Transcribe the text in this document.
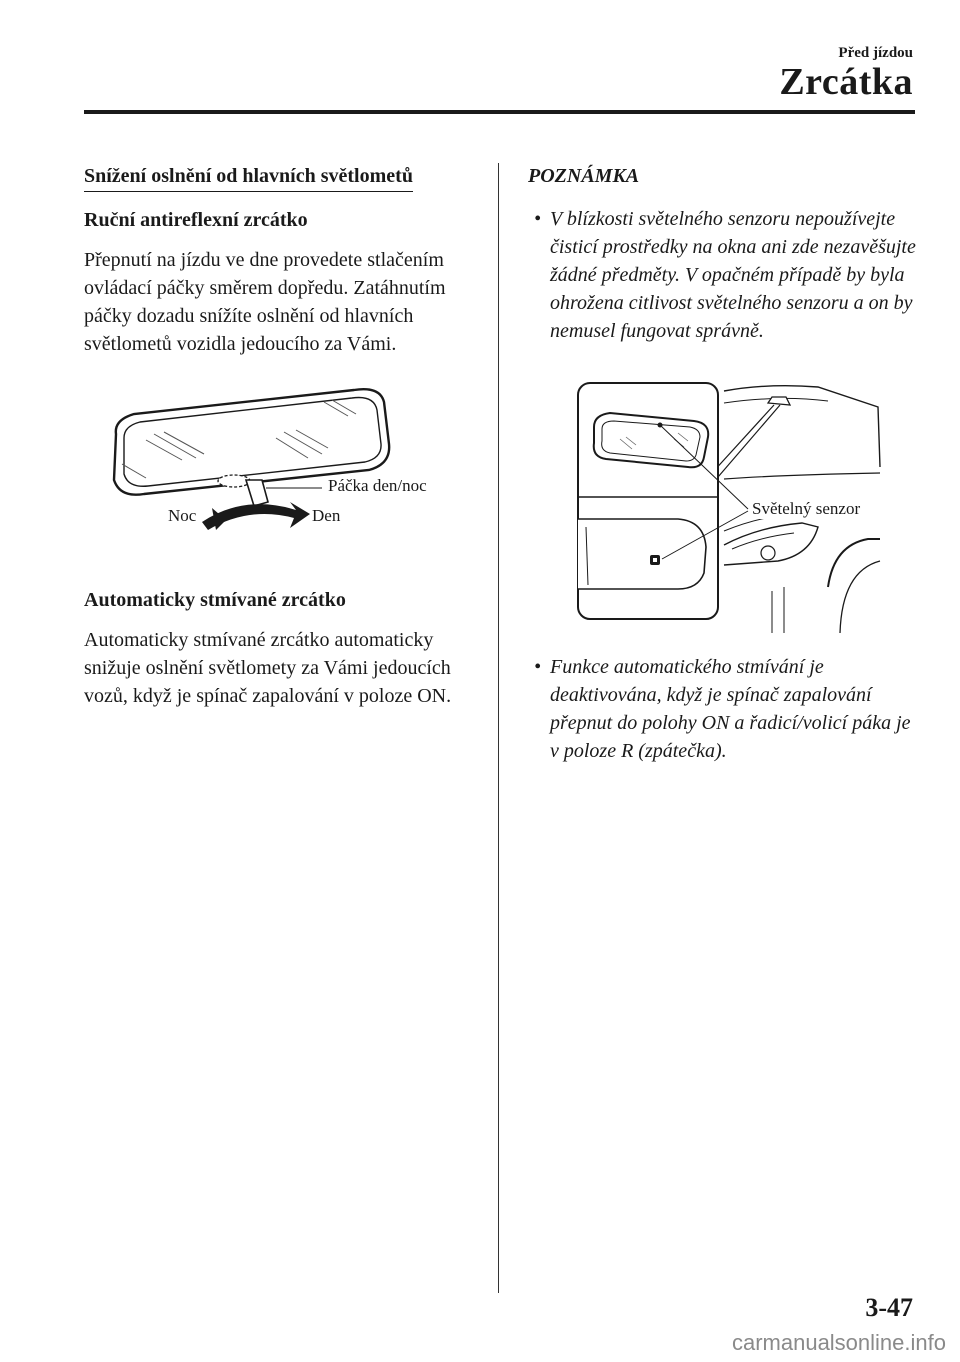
Před jízdou
Zrcátka
Snížení oslnění od hlavních světlometů
Ruční antireflexní zrcátko

Přepnutí na jízdu ve dne provedete stlačením ovládací páčky směrem dopředu. Zatáhnutím páčky dozadu snížíte oslnění od hlavních světlometů vozidla jedoucího za Vámi.

Páčka den/noc
Noc	Den
Automaticky stmívané zrcátko

Automaticky stmívané zrcátko automaticky snižuje oslnění světlomety za Vámi jedoucích vozů, když je spínač zapalování v poloze ON.

POZNÁMKA

• V blízkosti světelného senzoru nepoužívejte čisticí prostředky na okna ani zde nezavěšujte žádné předměty. V opačném případě by byla ohrožena citlivost světelného senzoru a on by nemusel fungovat správně.

Světelný senzor

• Funkce automatického stmívání je deaktivována, když je spínač zapalování přepnut do polohy ON a řadicí/volicí páka je v poloze R (zpátečka).

3-47
carmanualsonline.info
